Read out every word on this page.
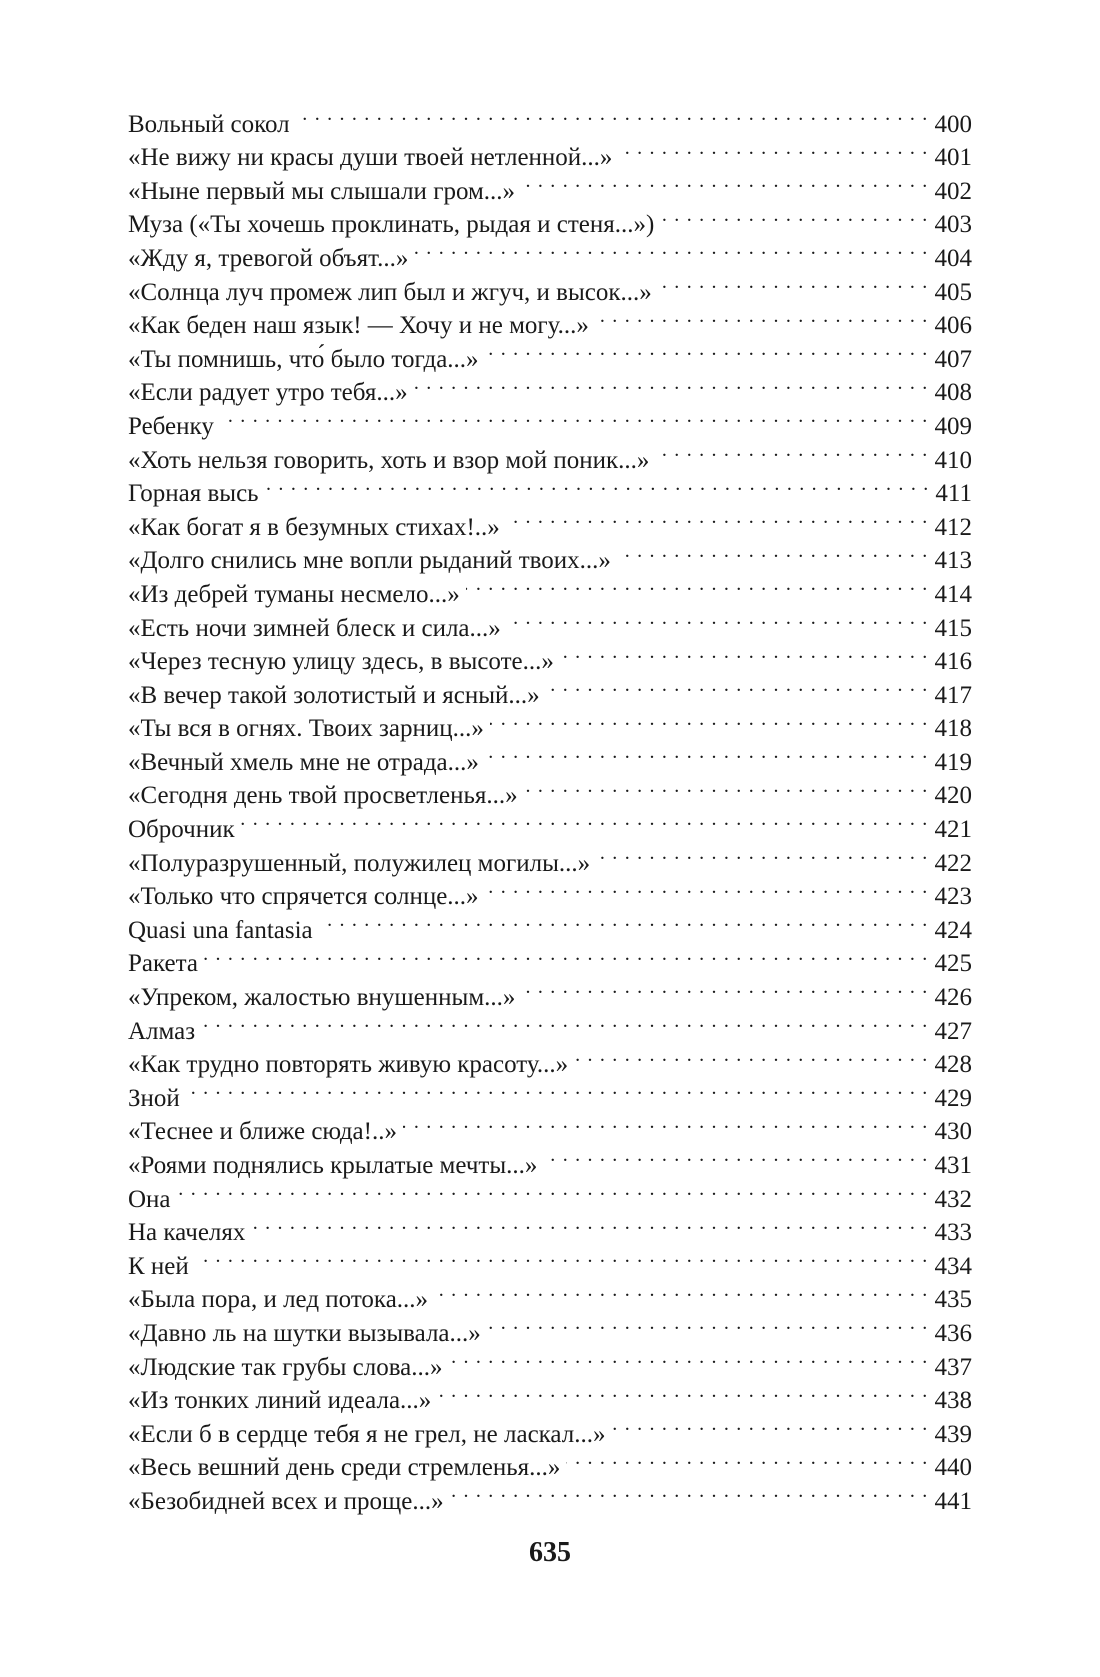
Вольный сокол . . .	400
«Не вижу ни красы души твоей нетленной...» . . .	401
«Ныне первый мы слышали гром...» . . .	402
Муза («Ты хочешь проклинать, рыдая и стеня...») . . .	403
«Жду я, тревогой объят...» . . .	404
«Солнца луч промеж лип был и жгуч, и высок...» . . .	405
«Как беден наш язык! — Хочу и не могу...» . . .	406
«Ты помнишь, что́ было тогда...» . . .	407
«Если радует утро тебя...» . . .	408
Ребенку . . .	409
«Хоть нельзя говорить, хоть и взор мой поник...» . . .	410
Горная высь . . .	411
«Как богат я в безумных стихах!..» . . .	412
«Долго снились мне вопли рыданий твоих...» . . .	413
«Из дебрей туманы несмело...» . . .	414
«Есть ночи зимней блеск и сила...» . . .	415
«Через тесную улицу здесь, в высоте...» . . .	416
«В вечер такой золотистый и ясный...» . . .	417
«Ты вся в огнях. Твоих зарниц...» . . .	418
«Вечный хмель мне не отрада...» . . .	419
«Сегодня день твой просветленья...» . . .	420
Оброчник . . .	421
«Полуразрушенный, полужилец могилы...» . . .	422
«Только что спрячется солнце...» . . .	423
Quasi una fantasia . . .	424
Ракета . . .	425
«Упреком, жалостью внушенным...» . . .	426
Алмаз . . .	427
«Как трудно повторять живую красоту...» . . .	428
Зной . . .	429
«Теснее и ближе сюда!..» . . .	430
«Роями поднялись крылатые мечты...» . . .	431
Она . . .	432
На качелях . . .	433
К ней . . .	434
«Была пора, и лед потока...» . . .	435
«Давно ль на шутки вызывала...» . . .	436
«Людские так грубы слова...» . . .	437
«Из тонких линий идеала...» . . .	438
«Если б в сердце тебя я не грел, не ласкал...» . . .	439
«Весь вешний день среди стремленья...» . . .	440
«Безобидней всех и проще...» . . .	441
635
